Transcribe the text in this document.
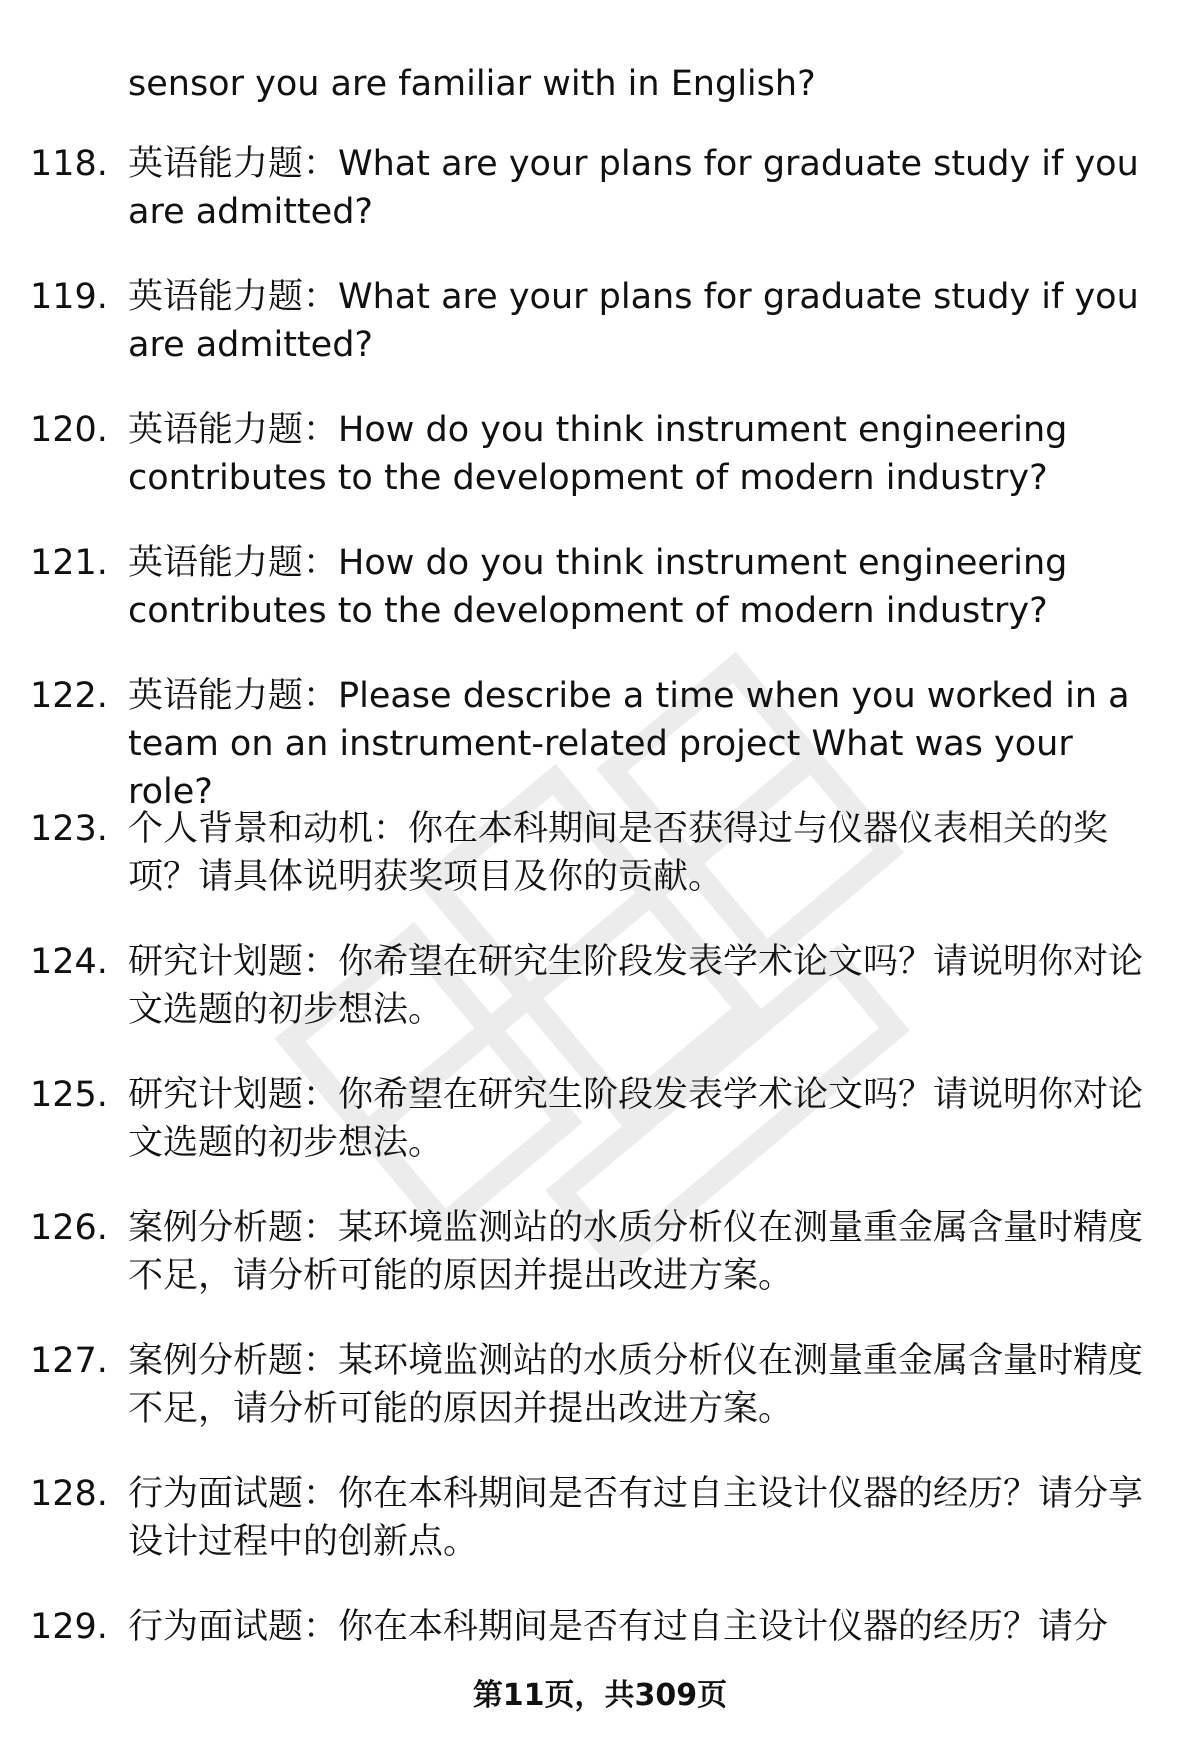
sensor you are familiar with in English?
118. 英语能力题：What are your plans for graduate study if you are admitted?
119. 英语能力题：What are your plans for graduate study if you are admitted?
120. 英语能力题：How do you think instrument engineering contributes to the development of modern industry?
121. 英语能力题：How do you think instrument engineering contributes to the development of modern industry?
122. 英语能力题：Please describe a time when you worked in a team on an instrument-related project What was your role?
123. 个人背景和动机：你在本科期间是否获得过与仪器仪表相关的奖项？请具体说明获奖项目及你的贡献。
124. 研究计划题：你希望在研究生阶段发表学术论文吗？请说明你对论文选题的初步想法。
125. 研究计划题：你希望在研究生阶段发表学术论文吗？请说明你对论文选题的初步想法。
126. 案例分析题：某环境监测站的水质分析仪在测量重金属含量时精度不足，请分析可能的原因并提出改进方案。
127. 案例分析题：某环境监测站的水质分析仪在测量重金属含量时精度不足，请分析可能的原因并提出改进方案。
128. 行为面试题：你在本科期间是否有过自主设计仪器的经历？请分享设计过程中的创新点。
129. 行为面试题：你在本科期间是否有过自主设计仪器的经历？请分
第11页，共309页
